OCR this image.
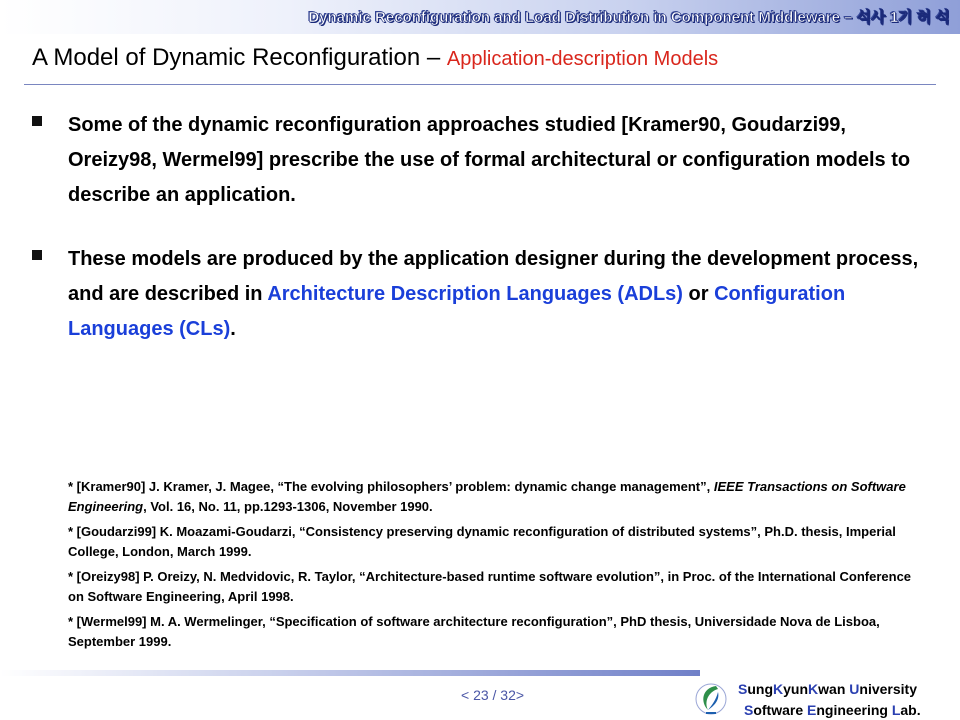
Dynamic Reconfiguration and Load Distribution in Component Middleware – 석사 1기 허 석
A Model of Dynamic Reconfiguration – Application-description Models
Some of the dynamic reconfiguration approaches studied [Kramer90, Goudarzi99, Oreizy98, Wermel99] prescribe the use of formal architectural or configuration models to describe an application.
These models are produced by the application designer during the development process, and are described in Architecture Description Languages (ADLs) or Configuration Languages (CLs).
* [Kramer90] J. Kramer, J. Magee, “The evolving philosophers’ problem: dynamic change management”, IEEE Transactions on Software Engineering, Vol. 16, No. 11, pp.1293-1306, November 1990.
* [Goudarzi99] K. Moazami-Goudarzi, “Consistency preserving dynamic reconfiguration of distributed systems”, Ph.D. thesis, Imperial College, London, March 1999.
* [Oreizy98] P. Oreizy, N. Medvidovic, R. Taylor, “Architecture-based runtime software evolution”, in Proc. of the International Conference on Software Engineering, April 1998.
* [Wermel99] M. A. Wermelinger, “Specification of software architecture reconfiguration”, PhD thesis, Universidade Nova de Lisboa, September 1999.
< 23 / 32>	SungKyunKwan University
Software Engineering Lab.
